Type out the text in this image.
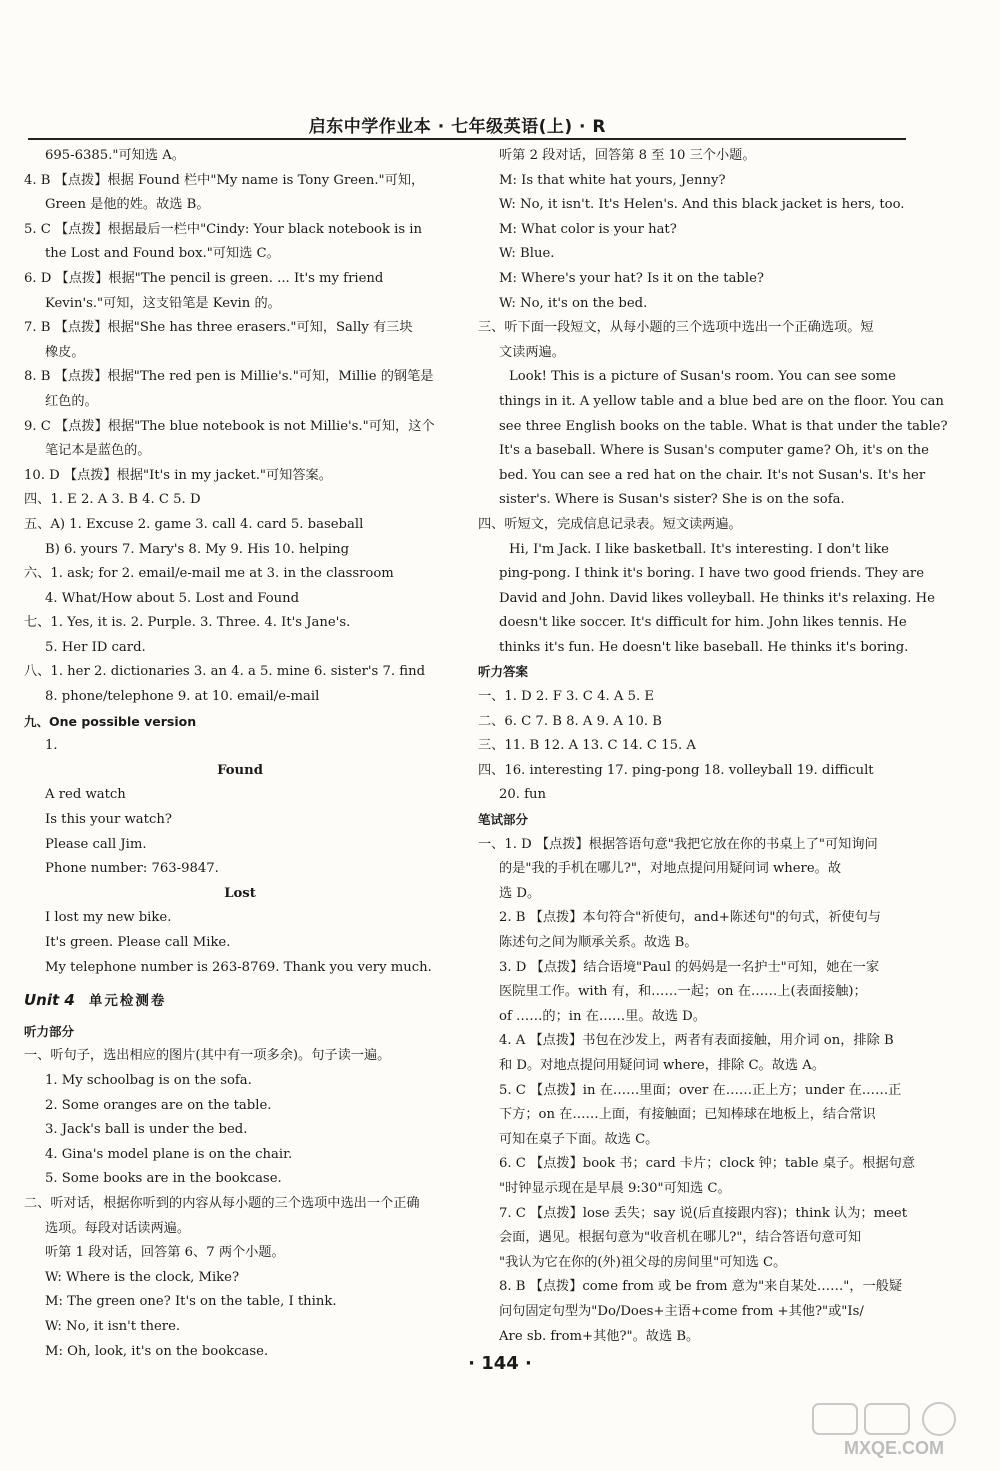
启东中学作业本 · 七年级英语(上) · R
695-6385."可知选 A。
4. B 【点拨】根据 Found 栏中"My name is Tony Green."可知，
Green 是他的姓。故选 B。
5. C 【点拨】根据最后一栏中"Cindy: Your black notebook is in
the Lost and Found box."可知选 C。
6. D 【点拨】根据"The pencil is green. ... It's my friend
Kevin's."可知，这支铅笔是 Kevin 的。
7. B 【点拨】根据"She has three erasers."可知，Sally 有三块
橡皮。
8. B 【点拨】根据"The red pen is Millie's."可知，Millie 的钢笔是
红色的。
9. C 【点拨】根据"The blue notebook is not Millie's."可知，这个
笔记本是蓝色的。
10. D 【点拨】根据"It's in my jacket."可知答案。
四、1. E 2. A 3. B 4. C 5. D
五、A) 1. Excuse 2. game 3. call 4. card 5. baseball
B) 6. yours 7. Mary's 8. My 9. His 10. helping
六、1. ask; for 2. email/e-mail me at 3. in the classroom
4. What/How about 5. Lost and Found
七、1. Yes, it is. 2. Purple. 3. Three. 4. It's Jane's.
5. Her ID card.
八、1. her 2. dictionaries 3. an 4. a 5. mine 6. sister's 7. find
8. phone/telephone 9. at 10. email/e-mail
九、One possible version
1.
Found
A red watch
Is this your watch?
Please call Jim.
Phone number: 763-9847.
Lost
I lost my new bike.
It's green. Please call Mike.
My telephone number is 263-8769. Thank you very much.
Unit 4 单元检测卷
听力部分
一、听句子，选出相应的图片(其中有一项多余)。句子读一遍。
1. My schoolbag is on the sofa.
2. Some oranges are on the table.
3. Jack's ball is under the bed.
4. Gina's model plane is on the chair.
5. Some books are in the bookcase.
二、听对话，根据你听到的内容从每小题的三个选项中选出一个正确
选项。每段对话读两遍。
听第 1 段对话，回答第 6、7 两个小题。
W: Where is the clock, Mike?
M: The green one? It's on the table, I think.
W: No, it isn't there.
M: Oh, look, it's on the bookcase.
听第 2 段对话，回答第 8 至 10 三个小题。
M: Is that white hat yours, Jenny?
W: No, it isn't. It's Helen's. And this black jacket is hers, too.
M: What color is your hat?
W: Blue.
M: Where's your hat? Is it on the table?
W: No, it's on the bed.
三、听下面一段短文，从每小题的三个选项中选出一个正确选项。短
文读两遍。
Look! This is a picture of Susan's room. You can see some
things in it. A yellow table and a blue bed are on the floor. You can
see three English books on the table. What is that under the table?
It's a baseball. Where is Susan's computer game? Oh, it's on the
bed. You can see a red hat on the chair. It's not Susan's. It's her
sister's. Where is Susan's sister? She is on the sofa.
四、听短文，完成信息记录表。短文读两遍。
Hi, I'm Jack. I like basketball. It's interesting. I don't like
ping-pong. I think it's boring. I have two good friends. They are
David and John. David likes volleyball. He thinks it's relaxing. He
doesn't like soccer. It's difficult for him. John likes tennis. He
thinks it's fun. He doesn't like baseball. He thinks it's boring.
听力答案
一、1. D 2. F 3. C 4. A 5. E
二、6. C 7. B 8. A 9. A 10. B
三、11. B 12. A 13. C 14. C 15. A
四、16. interesting 17. ping-pong 18. volleyball 19. difficult
20. fun
笔试部分
一、1. D 【点拨】根据答语句意"我把它放在你的书桌上了"可知询问
的是"我的手机在哪儿?"，对地点提问用疑问词 where。故
选 D。
2. B 【点拨】本句符合"祈使句，and+陈述句"的句式，祈使句与
陈述句之间为顺承关系。故选 B。
3. D 【点拨】结合语境"Paul 的妈妈是一名护士"可知，她在一家
医院里工作。with 有，和……一起；on 在……上(表面接触)；
of ……的；in 在……里。故选 D。
4. A 【点拨】书包在沙发上，两者有表面接触，用介词 on，排除 B
和 D。对地点提问用疑问词 where，排除 C。故选 A。
5. C 【点拨】in 在……里面；over 在……正上方；under 在……正
下方；on 在……上面，有接触面；已知棒球在地板上，结合常识
可知在桌子下面。故选 C。
6. C 【点拨】book 书；card 卡片；clock 钟；table 桌子。根据句意
"时钟显示现在是早晨 9:30"可知选 C。
7. C 【点拨】lose 丢失；say 说(后直接跟内容)；think 认为；meet
会面，遇见。根据句意为"收音机在哪儿?"，结合答语句意可知
"我认为它在你的(外)祖父母的房间里"可知选 C。
8. B 【点拨】come from 或 be from 意为"来自某处……"，一般疑
问句固定句型为"Do/Does+主语+come from +其他?"或"Is/
Are sb. from+其他?"。故选 B。
· 144 ·
MXQE.COM
